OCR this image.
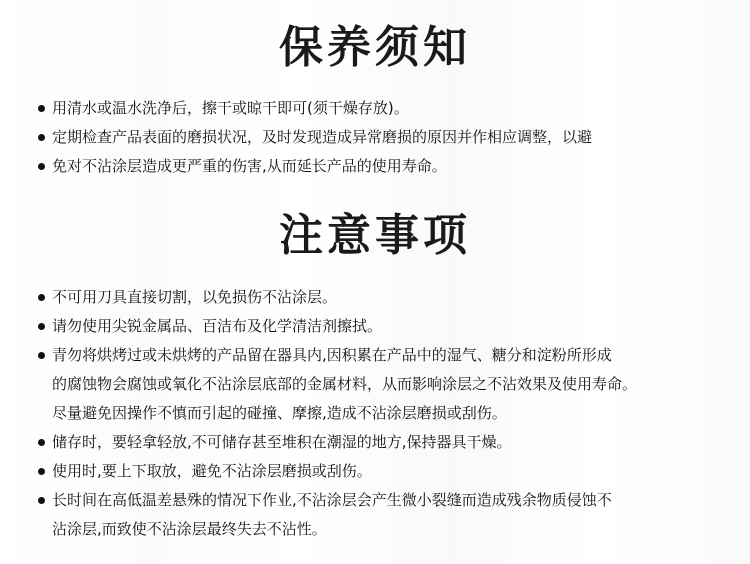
保养须知
用清水或温水洗净后，擦干或晾干即可(须干燥存放)。
定期检查产品表面的磨损状况，及时发现造成异常磨损的原因并作相应调整，以避
免对不沾涂层造成更严重的伤害,从而延长产品的使用寿命。
注意事项
不可用刀具直接切割，以免损伤不沾涂层。
请勿使用尖锐金属品、百洁布及化学清洁剂擦拭。
青勿将烘烤过或未烘烤的产品留在器具内,因积累在产品中的湿气、糖分和淀粉所形成
的腐蚀物会腐蚀或氧化不沾涂层底部的金属材料，从而影响涂层之不沾效果及使用寿命。
尽量避免因操作不慎而引起的碰撞、摩擦,造成不沾涂层磨损或刮伤。
储存时，要轻拿轻放,不可储存甚至堆积在潮湿的地方,保持器具干燥。
使用时,要上下取放，避免不沾涂层磨损或刮伤。
长时间在高低温差悬殊的情况下作业,不沾涂层会产生微小裂缝而造成残余物质侵蚀不
沾涂层,而致使不沾涂层最终失去不沾性。
